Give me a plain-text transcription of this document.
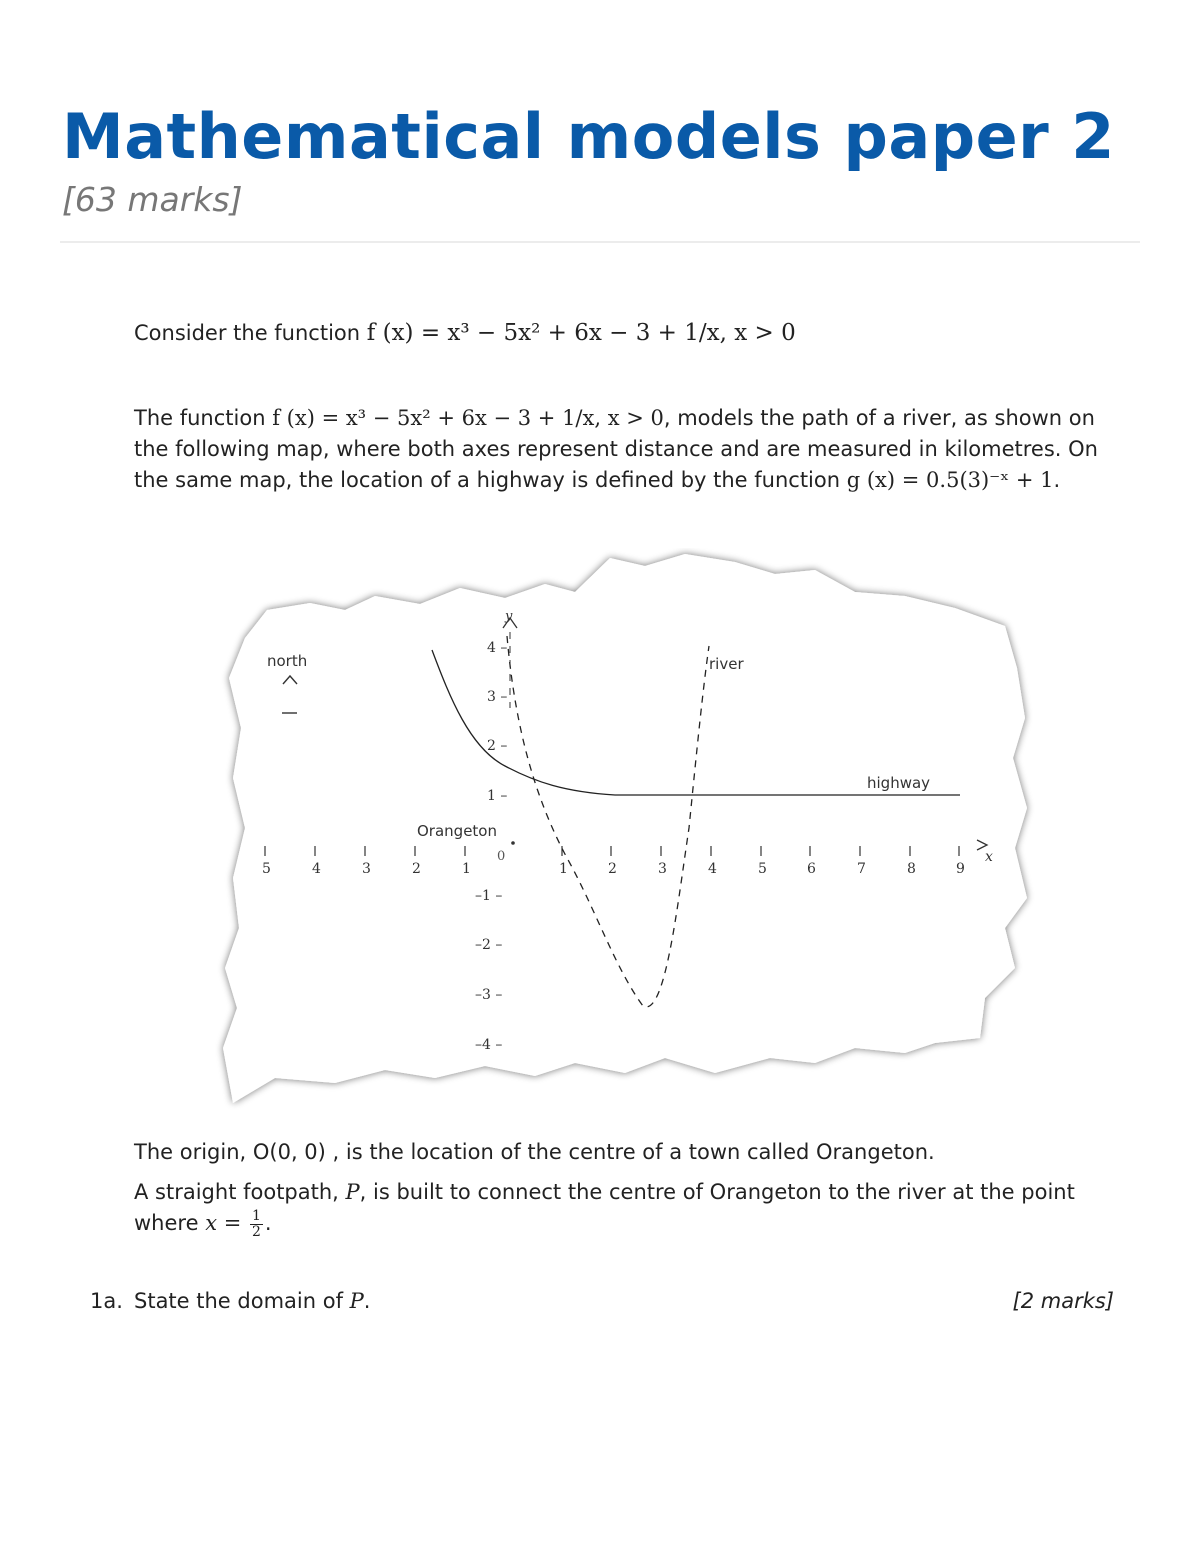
Mathematical models paper 2
[63 marks]
Consider the function f (x) = x³ − 5x² + 6x − 3 + 1/x, x > 0
The function f (x) = x³ − 5x² + 6x − 3 + 1/x, x > 0, models the path of a river, as shown on the following map, where both axes represent distance and are measured in kilometres. On the same map, the location of a highway is defined by the function g (x) = 0.5(3)⁻ˣ + 1.
y
4 –
3 –
2 –
1 –
–1 –
–2 –
–3 –
–4 –
x
5	4	3	2	1	1	2	3	4	5	6	7	8	9
0
Orangeton
north
highway
river
The origin, O(0, 0) , is the location of the centre of a town called Orangeton.
A straight footpath, P, is built to connect the centre of Orangeton to the river at the point where $x = \frac{1}{2}$ .
1a. State the domain of P.	[2 marks]
